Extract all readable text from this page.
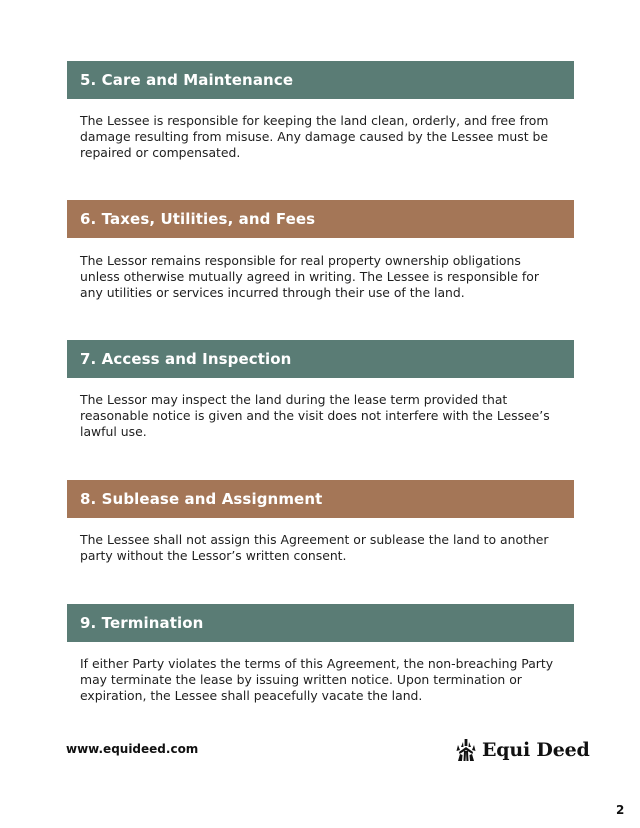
5. Care and Maintenance
The Lessee is responsible for keeping the land clean, orderly, and free from damage resulting from misuse. Any damage caused by the Lessee must be repaired or compensated.
6. Taxes, Utilities, and Fees
The Lessor remains responsible for real property ownership obligations unless otherwise mutually agreed in writing. The Lessee is responsible for any utilities or services incurred through their use of the land.
7. Access and Inspection
The Lessor may inspect the land during the lease term provided that reasonable notice is given and the visit does not interfere with the Lessee’s lawful use.
8. Sublease and Assignment
The Lessee shall not assign this Agreement or sublease the land to another party without the Lessor’s written consent.
9. Termination
If either Party violates the terms of this Agreement, the non-breaching Party may terminate the lease by issuing written notice. Upon termination or expiration, the Lessee shall peacefully vacate the land.
www.equideed.com	Equi Deed
2
